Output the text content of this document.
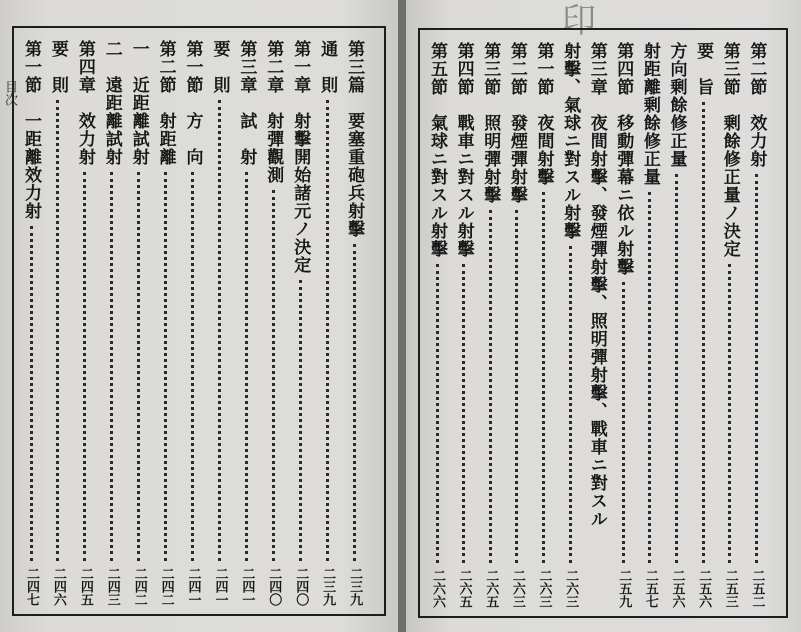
目次
印
第三篇　要塞重砲兵射擊
二三九
通　則
二三九
第一章　射擊開始諸元ノ決定
二四〇
第二章　射彈觀測
二四〇
第三章　試　射
二四一
要　則
二四一
第一節　方　向
二四一
第二節　射距離
二四二
一　近距離試射
二四二
二　遠距離試射
二四三
第四章　效力射
二四五
要　則
二四六
第一節　一距離效力射
二四七
第二節　效力射
二五二
第三節　剰餘修正量ノ決定
二五三
要　旨
二五六
方向剰餘修正量
二五六
射距離剰餘修正量
二五七
第四節　移動彈幕ニ依ル射擊
二五九
第三章　夜間射擊、發煙彈射擊、照明彈射擊、戰車ニ對スル
射擊、氣球ニ對スル射擊
二六三
第一節　夜間射擊
二六三
第二節　發煙彈射擊
二六三
第三節　照明彈射擊
二六五
第四節　戰車ニ對スル射擊
二六五
第五節　氣球ニ對スル射擊
二六六
